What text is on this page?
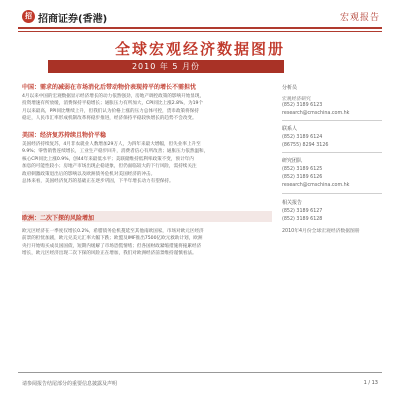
招 招商证券(香港)	宏观报告
全球宏观经济数据图册
2010 年 5 月份
中国：需求的减弱在市场消化后带动物价表现持平的增长不需担忧
4月以来中国的宏观数据显示经济增长的动力依然强劲，房地产调控政策的影响开始显现，
投资增速有所放缓，消费保持平稳增长；通胀压力有所加大，CPI同比上涨2.8%，为19个
月以来最高，PPI同比继续上升，但我们认为价格上涨的压力总体可控，货币政策将保持
稳定，人民币汇率形成机制改革将稳步推进，经济保持平稳较快增长的趋势不会改变。
美国：经济复苏持续且物价平稳
美国经济持续复苏，4月非农就业人数增加29万人，为四年来最大增幅，但失业率上升至
9.9%；零售销售连续增长，工业生产稳步回升，消费者信心有所改善；通胀压力依然温和，
核心CPI同比上涨0.9%，创44年来最低水平；美联储维持低利率政策不变，预计年内
加息的可能性较小；房地产市场出现企稳迹象，但仍面临较大的下行风险，需持续关注
政府刺激政策退出后的影响以及欧洲债务危机对美国经济的冲击。
总体来看，美国经济复苏的基础正在逐步巩固，下半年增长动力有望保持。
欧洲：二次下探的风险增加
欧元区经济在一季度仅增长0.2%，希腊债务危机蔓延至其他南欧国家，市场对欧元区经济
前景的担忧加剧，欧元兑美元汇率大幅下跌；欧盟及IMF推出7500亿欧元救助计划，欧洲
央行开始购买成员国国债，短期内缓解了市场恐慌情绪；但各国财政紧缩措施将拖累经济
增长，欧元区经济出现二次下探的风险正在增加，我们对欧洲经济前景维持谨慎看法。
分析员
宏观经济研究
(852) 3189 6123
research@cmschina.com.hk
联系人
(852) 3189 6124
(86755) 8294 3126
研究团队
(852) 3189 6125
(852) 3189 6126
research@cmschina.com.hk
相关报告
(852) 3189 6127
(852) 3189 6128
2010年4月份全球宏观经济数据图册
请参阅报告结尾部分的重要信息披露及声明	1 / 13
